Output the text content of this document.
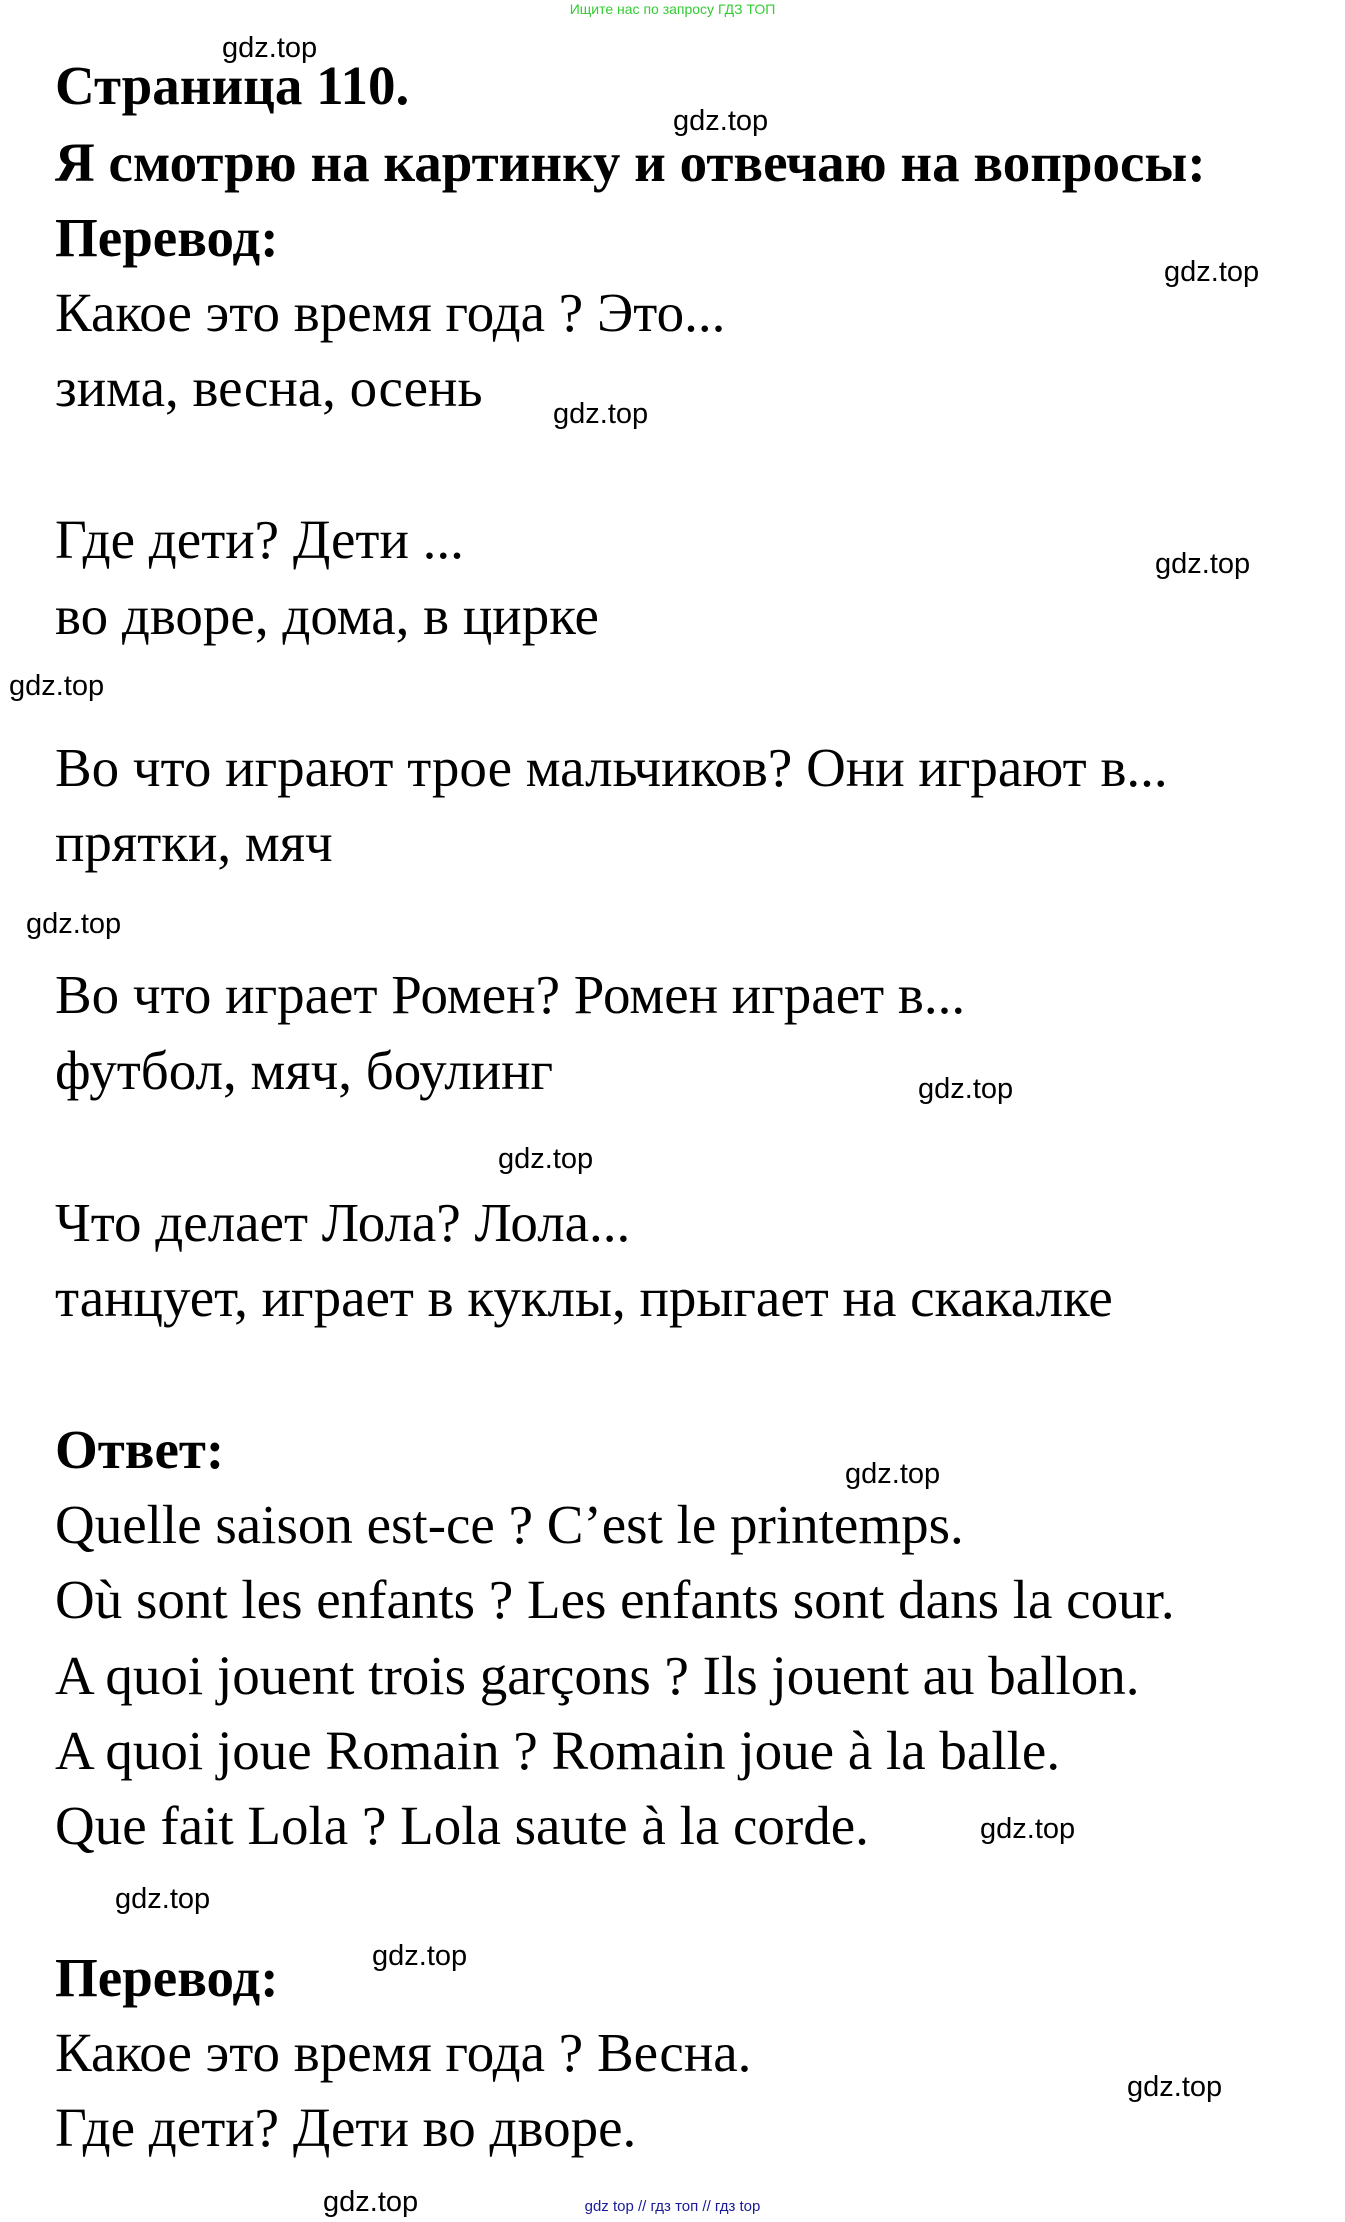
Ищите нас по запросу ГДЗ ТОП
Страница 110.
Я смотрю на картинку и отвечаю на вопросы:
Перевод:
Какое это время года ? Это...
зима, весна, осень
Где дети? Дети ...
во дворе, дома, в цирке
Во что играют трое мальчиков? Они играют в...
прятки, мяч
Во что играет Ромен? Ромен играет в...
футбол, мяч, боулинг
Что делает Лола? Лола...
танцует, играет в куклы, прыгает на скакалке
Ответ:
Quelle saison est-ce ? C’est le printemps.
Où sont les enfants ? Les enfants sont dans la cour.
A quoi jouent trois garçons ? Ils jouent au ballon.
A quoi joue Romain ? Romain joue à la balle.
Que fait Lola ? Lola saute à la corde.
Перевод:
Какое это время года ? Весна.
Где дети? Дети во дворе.
gdz.top
gdz.top
gdz.top
gdz.top
gdz.top
gdz.top
gdz.top
gdz.top
gdz.top
gdz.top
gdz.top
gdz.top
gdz.top
gdz.top
gdz.top	gdz top // гдз топ // гдз top
